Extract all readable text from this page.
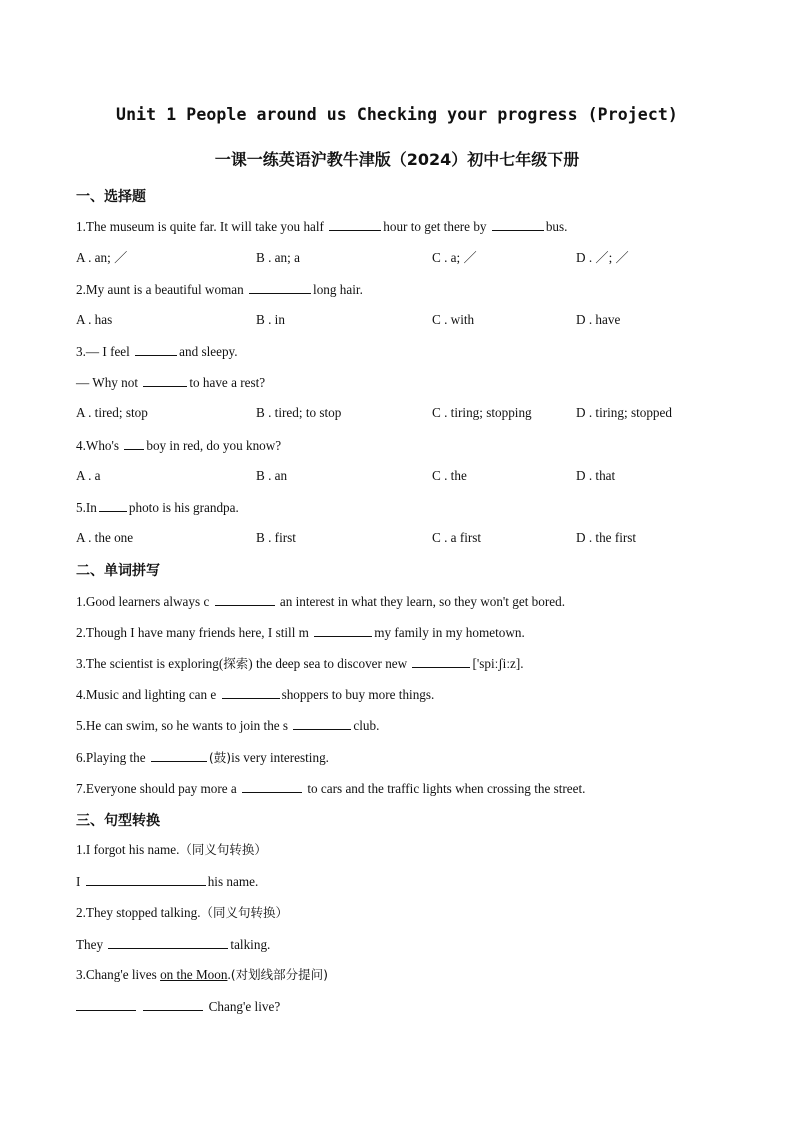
Unit 1 People around us Checking your progress (Project)
一课一练英语沪教牛津版（2024）初中七年级下册
一、选择题
1.The museum is quite far. It will take you half	hour to get there by	bus.
A . an; ／	B . an; a	C . a; ／	D . ／; ／
2.My aunt is a beautiful woman	long hair.
A . has	B . in	C . with	D . have
3.— I feel	and sleepy.
— Why not	to have a rest?
A . tired; stop	B . tired; to stop	C . tiring; stopping	D . tiring; stopped
4.Who's boy in red, do you know?
A . a	B . an	C . the	D . that
5.In photo is his grandpa.
A . the one	B . first	C . a first	D . the first
二、单词拼写
1.Good learners always c	an interest in what they learn, so they won't get bored.
2.Though I have many friends here, I still m	my family in my hometown.
3.The scientist is exploring(探索) the deep sea to discover new	['spiːʃiːz].
4.Music and lighting can e	shoppers to buy more things.
5.He can swim, so he wants to join the s	club.
6.Playing the	(鼓)is very interesting.
7.Everyone should pay more a	to cars and the traffic lights when crossing the street.
三、句型转换
1.I forgot his name.（同义句转换）
I	his name.
2.They stopped talking.（同义句转换）
They	talking.
3.Chang'e lives on the Moon.(对划线部分提问)
Chang'e live?
